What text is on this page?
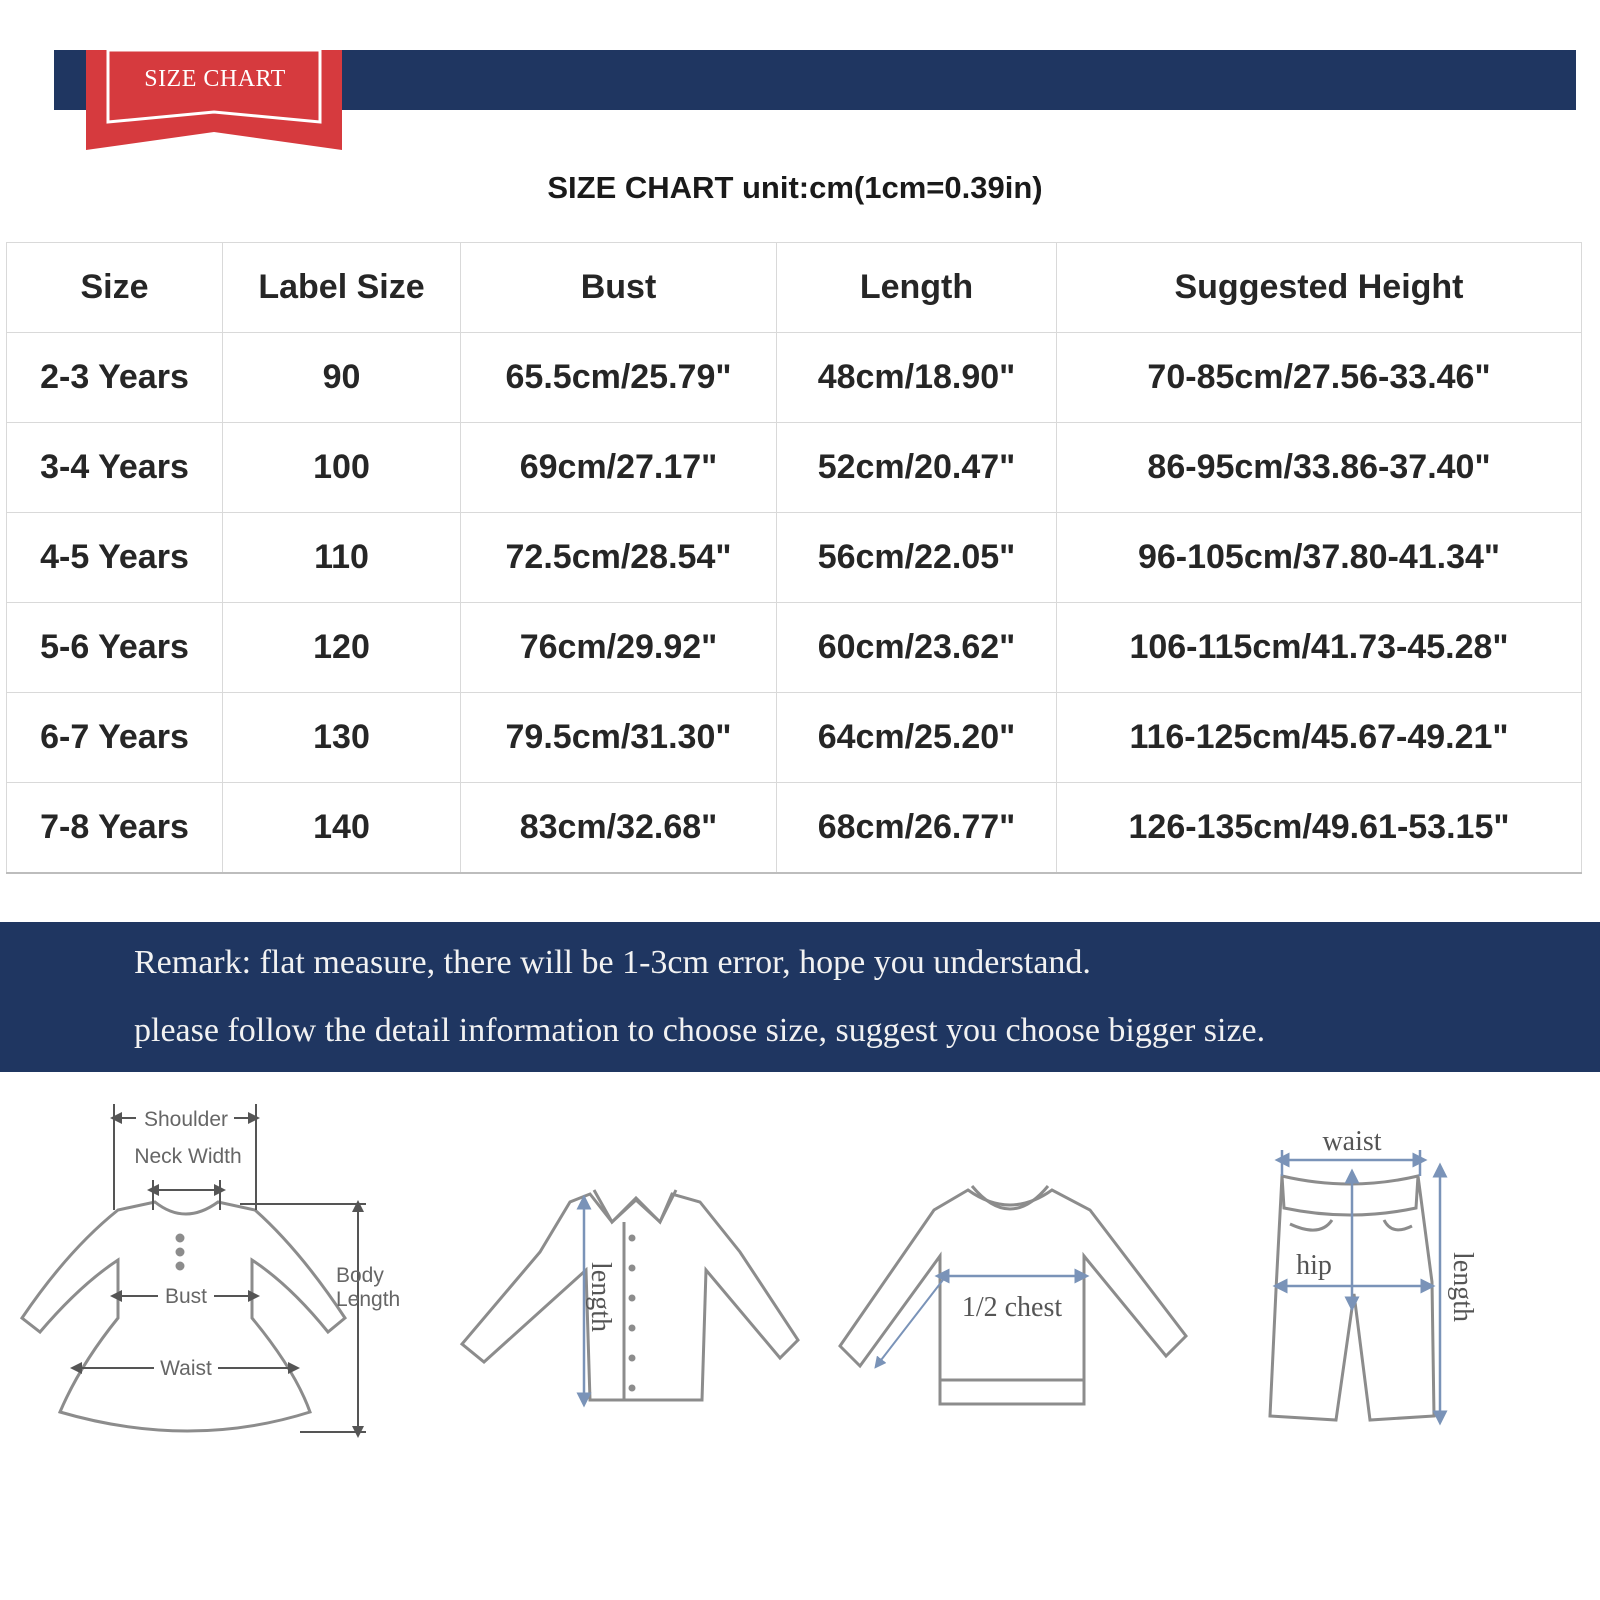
SIZE CHART
SIZE CHART unit:cm(1cm=0.39in)
Size	Label Size	Bust	Length	Suggested Height
2-3 Years	90	65.5cm/25.79"	48cm/18.90"	70-85cm/27.56-33.46"
3-4 Years	100	69cm/27.17"	52cm/20.47"	86-95cm/33.86-37.40"
4-5 Years	110	72.5cm/28.54"	56cm/22.05"	96-105cm/37.80-41.34"
5-6 Years	120	76cm/29.92"	60cm/23.62"	106-115cm/41.73-45.28"
6-7 Years	130	79.5cm/31.30"	64cm/25.20"	116-125cm/45.67-49.21"
7-8 Years	140	83cm/32.68"	68cm/26.77"	126-135cm/49.61-53.15"
Remark: flat measure, there will be 1-3cm error, hope you understand.
please follow the detail information to choose size, suggest you choose bigger size.
Shoulder
Neck Width
Bust
Waist
Body
Length	length	1/2 chest
waist
hip	length
